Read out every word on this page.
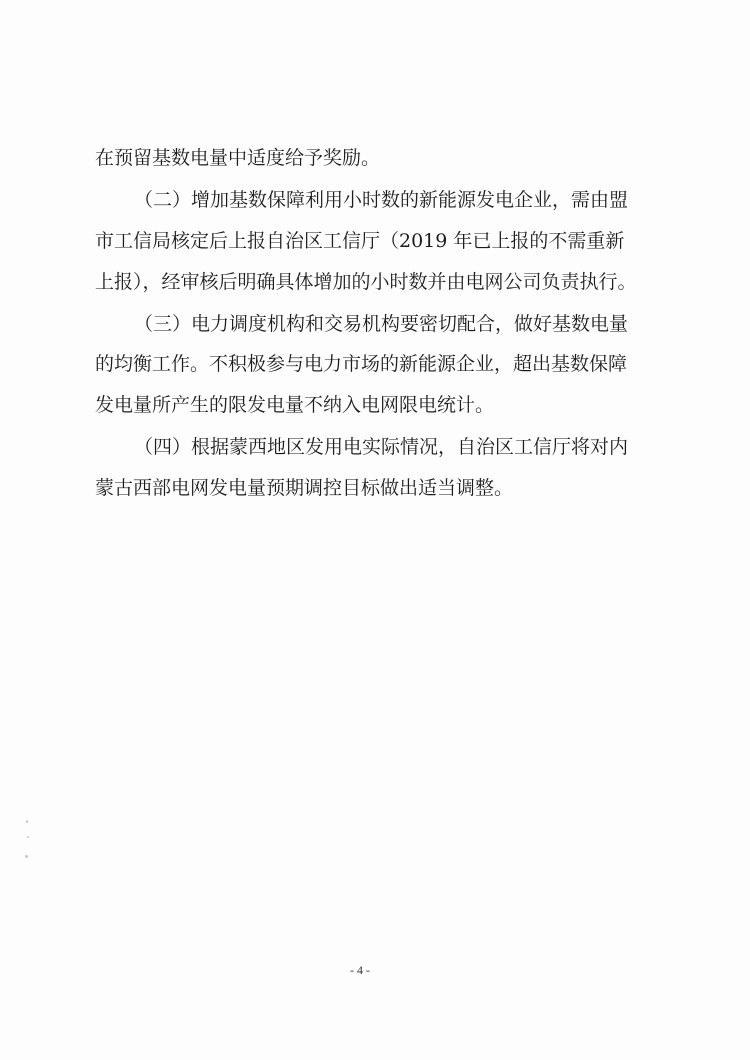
在预留基数电量中适度给予奖励。
（二）增加基数保障利用小时数的新能源发电企业，需由盟
市工信局核定后上报自治区工信厅（2019 年已上报的不需重新
上报），经审核后明确具体增加的小时数并由电网公司负责执行。
（三）电力调度机构和交易机构要密切配合，做好基数电量
的均衡工作。不积极参与电力市场的新能源企业，超出基数保障
发电量所产生的限发电量不纳入电网限电统计。
（四）根据蒙西地区发用电实际情况，自治区工信厅将对内
蒙古西部电网发电量预期调控目标做出适当调整。
- 4 -
